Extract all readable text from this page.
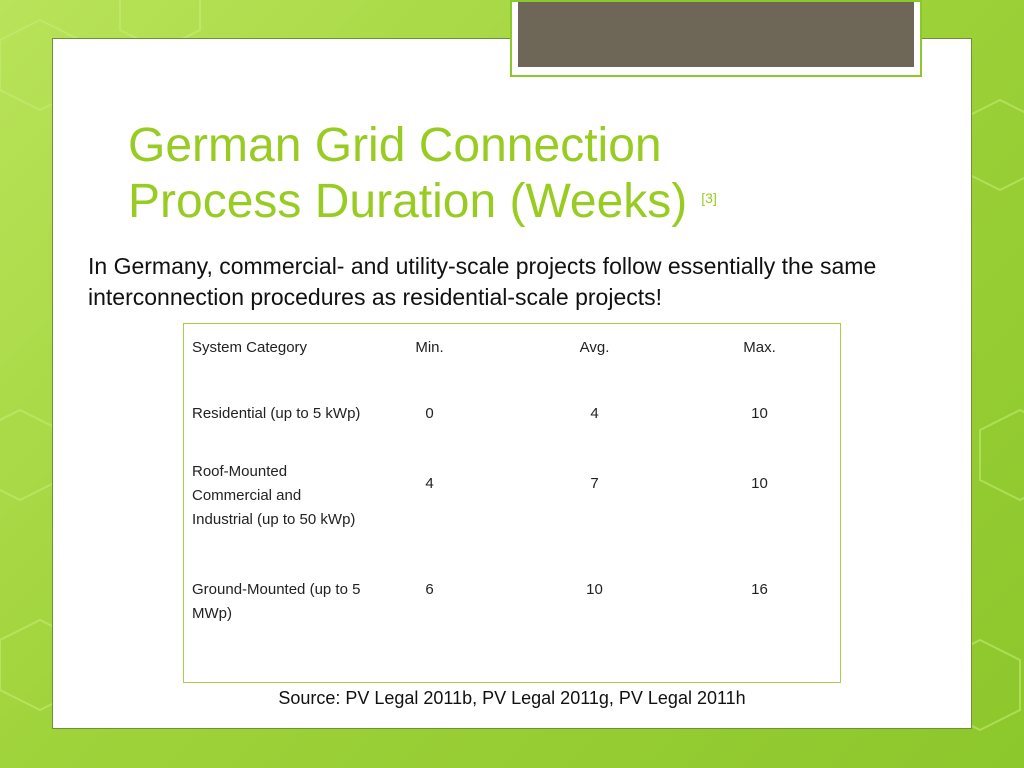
German Grid Connection
Process Duration (Weeks) [3]

In Germany, commercial- and utility-scale projects follow essentially the same interconnection procedures as residential-scale projects!

System Category	Min.	Avg.	Max.
Residential (up to 5 kWp)	0	4	10
Roof-Mounted Commercial and Industrial (up to 50 kWp)	4	7	10
Ground-Mounted (up to 5 MWp)	6	10	16
Source: PV Legal 2011b, PV Legal 2011g, PV Legal 2011h
